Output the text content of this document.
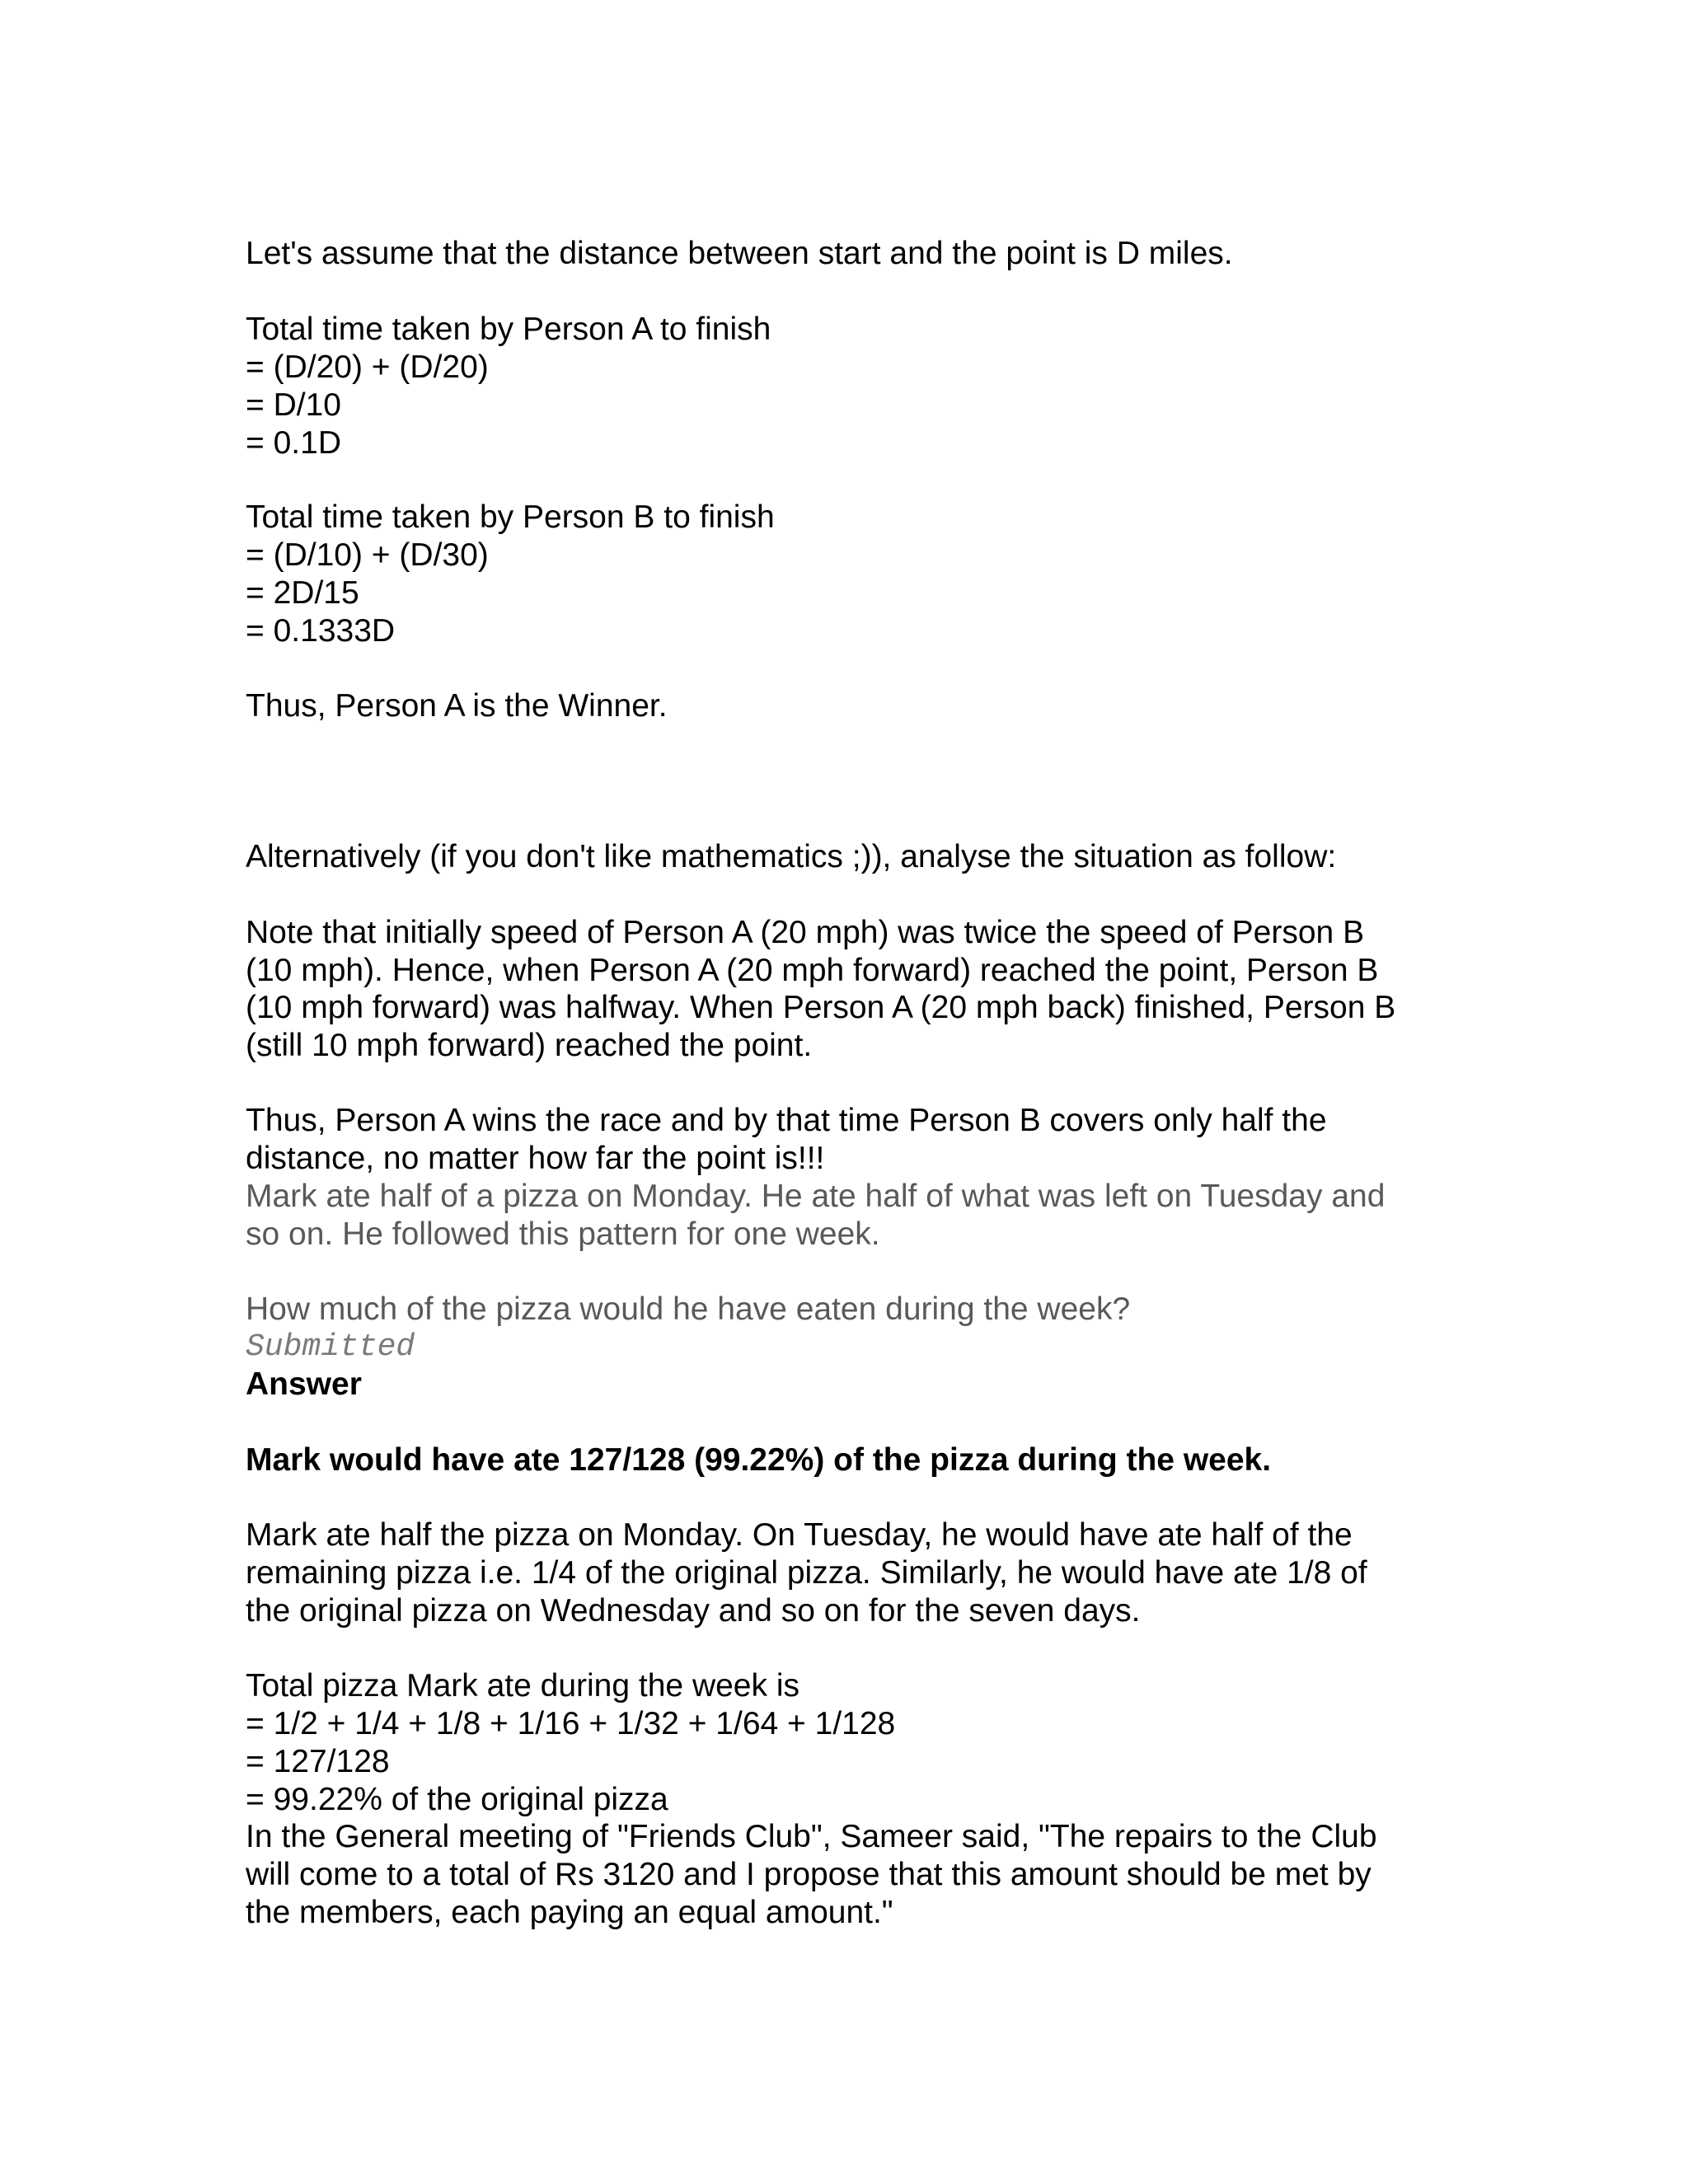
Let's assume that the distance between start and the point is D miles.

Total time taken by Person A to finish

= (D/20) + (D/20)

= D/10

= 0.1D

Total time taken by Person B to finish

= (D/10) + (D/30)

= 2D/15

= 0.1333D

Thus, Person A is the Winner.

Alternatively (if you don't like mathematics ;)), analyse the situation as follow:

Note that initially speed of Person A (20 mph) was twice the speed of Person B

(10 mph). Hence, when Person A (20 mph forward) reached the point, Person B

(10 mph forward) was halfway. When Person A (20 mph back) finished, Person B

(still 10 mph forward) reached the point.

Thus, Person A wins the race and by that time Person B covers only half the

distance, no matter how far the point is!!!

Mark ate half of a pizza on Monday. He ate half of what was left on Tuesday and

so on. He followed this pattern for one week.

How much of the pizza would he have eaten during the week?

Submitted

Answer

Mark would have ate 127/128 (99.22%) of the pizza during the week.

Mark ate half the pizza on Monday. On Tuesday, he would have ate half of the

remaining pizza i.e. 1/4 of the original pizza. Similarly, he would have ate 1/8 of

the original pizza on Wednesday and so on for the seven days.

Total pizza Mark ate during the week is

= 1/2 + 1/4 + 1/8 + 1/16 + 1/32 + 1/64 + 1/128

= 127/128

= 99.22% of the original pizza

In the General meeting of "Friends Club", Sameer said, "The repairs to the Club

will come to a total of Rs 3120 and I propose that this amount should be met by

the members, each paying an equal amount."
